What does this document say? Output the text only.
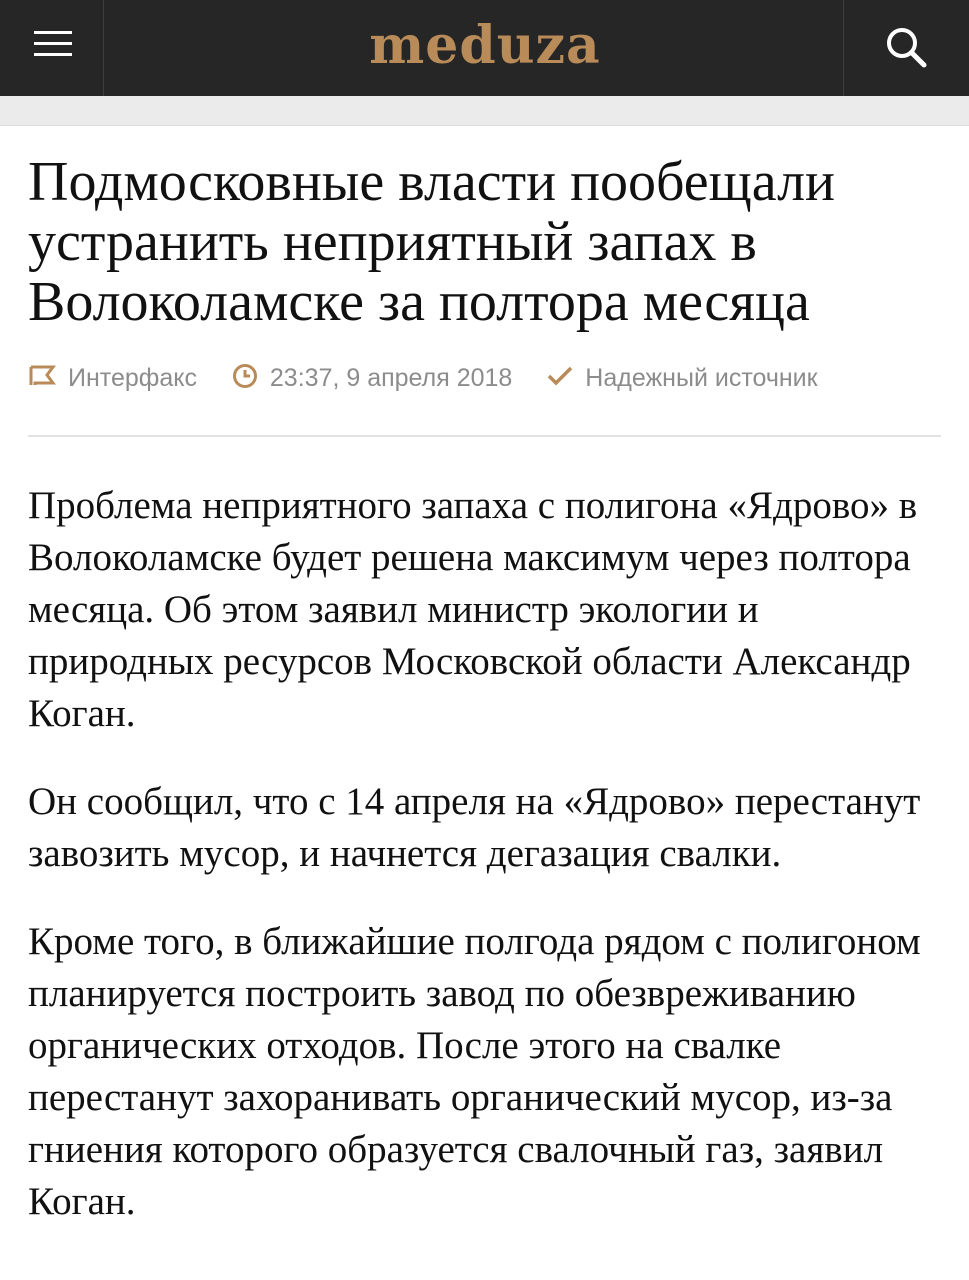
meduza
Подмосковные власти пообещали устранить неприятный запах в Волоколамске за полтора месяца
Интерфакс	23:37, 9 апреля 2018	Надежный источник

Проблема неприятного запаха с полигона «Ядрово» в Волоколамске будет решена максимум через полтора месяца. Об этом заявил министр экологии и природных ресурсов Московской области Александр Коган.

Он сообщил, что с 14 апреля на «Ядрово» перестанут завозить мусор, и начнется дегазация свалки.

Кроме того, в ближайшие полгода рядом с полигоном планируется построить завод по обезвреживанию органических отходов. После этого на свалке перестанут захоранивать органический мусор, из-за гниения которого образуется свалочный газ, заявил Коган.
